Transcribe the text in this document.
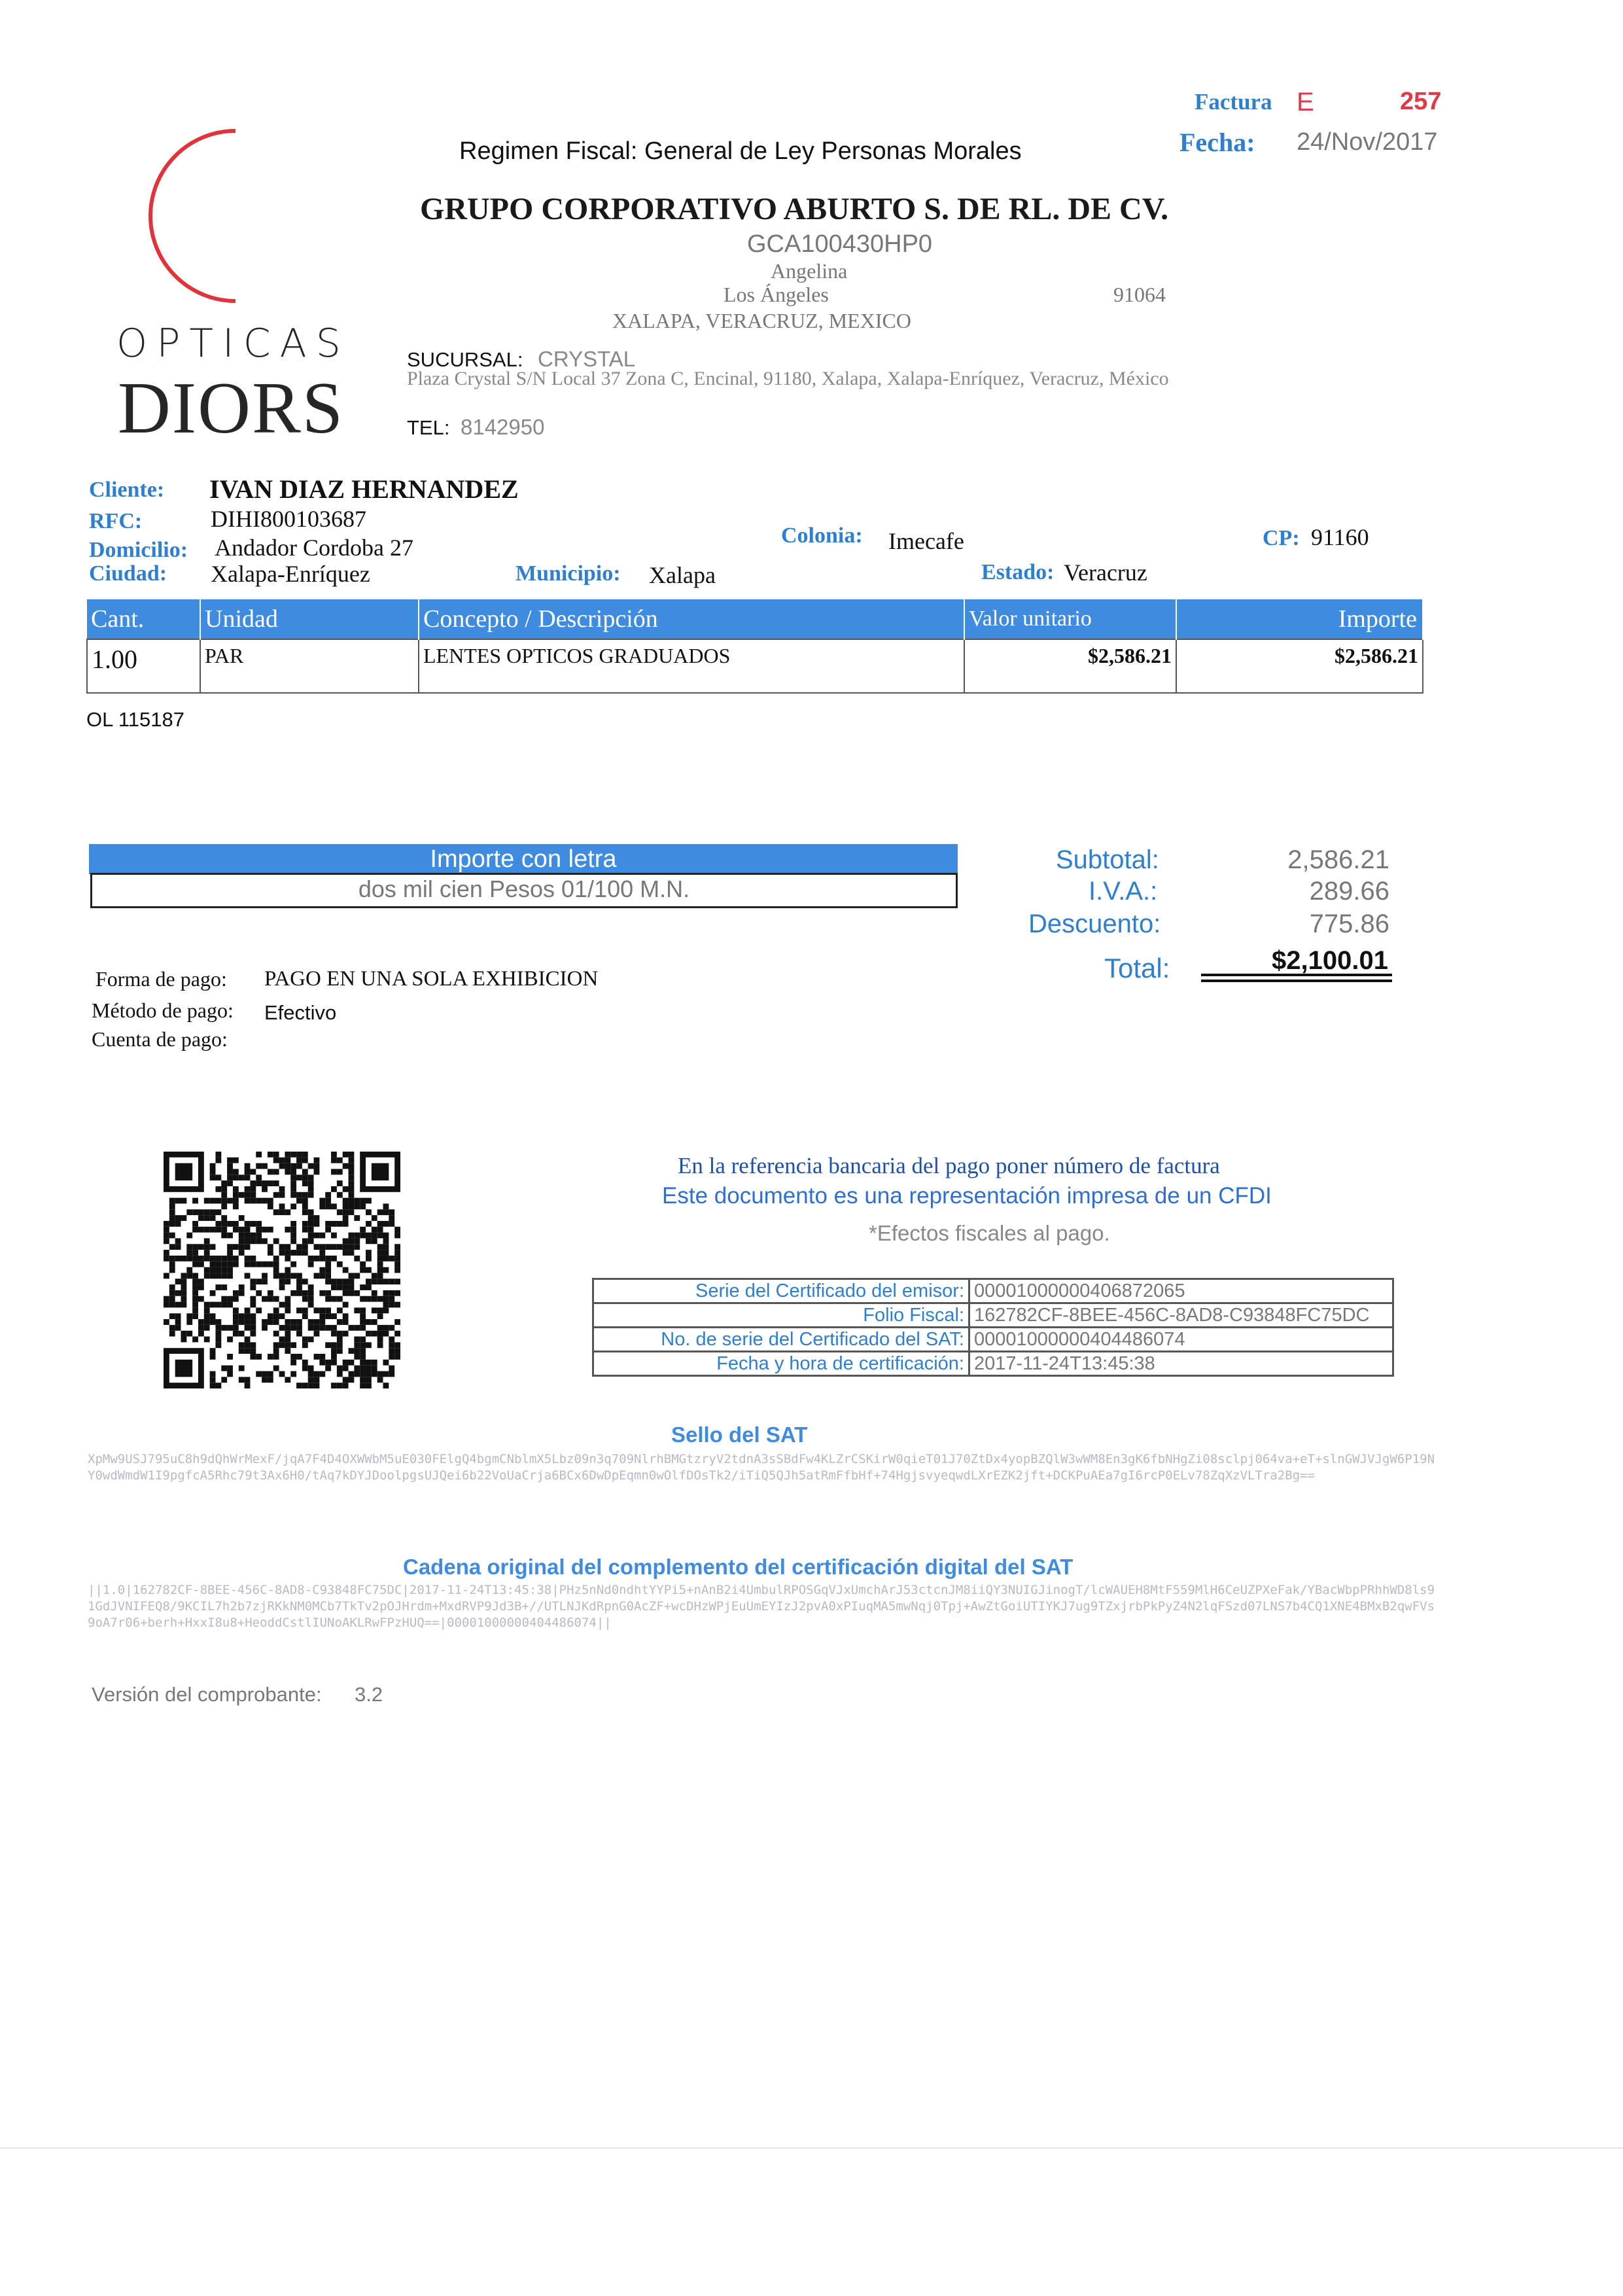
OPTICAS
DIORS
Factura E	257
Fecha: 24/Nov/2017
Regimen Fiscal: General de Ley Personas Morales
GRUPO CORPORATIVO ABURTO S. DE RL. DE CV.
GCA100430HP0
Angelina
Los Ángeles	91064
XALAPA, VERACRUZ, MEXICO
SUCURSAL: CRYSTAL
Plaza Crystal S/N Local 37 Zona C, Encinal, 91180, Xalapa, Xalapa-Enríquez, Veracruz, México
TEL: 8142950
Cliente: IVAN DIAZ HERNANDEZ
RFC:	DIHI800103687
Domicilio: Andador Cordoba 27
Ciudad: Xalapa-Enríquez
Colonia: Imecafe	CP: 91160
Municipio: Xalapa	Estado: Veracruz
Cant.	Unidad	Concepto / Descripción	Valor unitario	Importe
1.00	PAR	LENTES OPTICOS GRADUADOS	$2,586.21	$2,586.21
OL 115187
Importe con letra
dos mil cien Pesos 01/100 M.N.
Subtotal:	2,586.21
I.V.A.:	289.66
Descuento:	775.86
Total:	$2,100.01
Forma de pago: PAGO EN UNA SOLA EXHIBICION
Método de pago: Efectivo
Cuenta de pago:
En la referencia bancaria del pago poner número de factura
Este documento es una representación impresa de un CFDI
*Efectos fiscales al pago.
Serie del Certificado del emisor:	00001000000406872065
Folio Fiscal:	162782CF-8BEE-456C-8AD8-C93848FC75DC
No. de serie del Certificado del SAT:	00001000000404486074
Fecha y hora de certificación:	2017-11-24T13:45:38
Sello del SAT
XpMw9USJ795uC8h9dQhWrMexF/jqA7F4D4OXWWbM5uE030FElgQ4bgmCNblmX5Lbz09n3q709NlrhBMGtzryV2tdnA3sSBdFw4KLZrCSKirW0qieT01J70ZtDx4yopBZQlW3wWM8En3gK6fbNHgZi08sclpj064va+eT+slnGWJVJgW6P19NY0wdWmdW1I9pgfcA5Rhc79t3Ax6H0/tAq7kDYJDoolpgsUJQei6b22VoUaCrja6BCx6DwDpEqmn0wOlfDOsTk2/iTiQ5QJh5atRmFfbHf+74HgjsvyeqwdLXrEZK2jft+DCKPuAEa7gI6rcP0ELv78ZqXzVLTra2Bg==
Cadena original del complemento del certificación digital del SAT
||1.0|162782CF-8BEE-456C-8AD8-C93848FC75DC|2017-11-24T13:45:38|PHz5nNd0ndhtYYPi5+nAnB2i4UmbulRPOSGqVJxUmchArJ53ctcnJM8iiQY3NUIGJinogT/lcWAUEH8MtF559MlH6CeUZPXeFak/YBacWbpPRhhWD8ls91GdJVNIFEQ8/9KCIL7h2b7zjRKkNM0MCb7TkTv2pOJHrdm+MxdRVP9Jd3B+//UTLNJKdRpnG0AcZF+wcDHzWPjEuUmEYIzJ2pvA0xPIuqMA5mwNqj0Tpj+AwZtGoiUTIYKJ7ug9TZxjrbPkPyZ4N2lqFSzd07LNS7b4CQ1XNE4BMxB2qwFVs9oA7r06+berh+HxxI8u8+HeoddCstlIUNoAKLRwFPzHUQ==|00001000000404486074||
Versión del comprobante: 3.2
